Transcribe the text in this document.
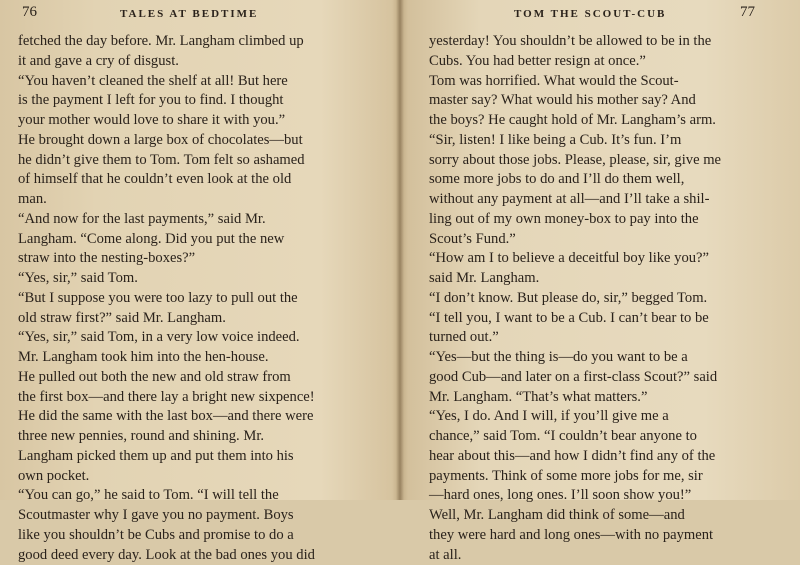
76	TALES AT BEDTIME
fetched the day before. Mr. Langham climbed up
it and gave a cry of disgust.
“You haven’t cleaned the shelf at all! But here
is the payment I left for you to find. I thought
your mother would love to share it with you.”
He brought down a large box of chocolates—but
he didn’t give them to Tom. Tom felt so ashamed
of himself that he couldn’t even look at the old
man.
“And now for the last payments,” said Mr.
Langham. “Come along. Did you put the new
straw into the nesting-boxes?”
“Yes, sir,” said Tom.
“But I suppose you were too lazy to pull out the
old straw first?” said Mr. Langham.
“Yes, sir,” said Tom, in a very low voice indeed.
Mr. Langham took him into the hen-house.
He pulled out both the new and old straw from
the first box—and there lay a bright new sixpence!
He did the same with the last box—and there were
three new pennies, round and shining. Mr.
Langham picked them up and put them into his
own pocket.
“You can go,” he said to Tom. “I will tell the
Scoutmaster why I gave you no payment. Boys
like you shouldn’t be Cubs and promise to do a
good deed every day. Look at the bad ones you did
TOM THE SCOUT-CUB	77
yesterday! You shouldn’t be allowed to be in the
Cubs. You had better resign at once.”
Tom was horrified. What would the Scout-
master say? What would his mother say? And
the boys? He caught hold of Mr. Langham’s arm.
“Sir, listen! I like being a Cub. It’s fun. I’m
sorry about those jobs. Please, please, sir, give me
some more jobs to do and I’ll do them well,
without any payment at all—and I’ll take a shil-
ling out of my own money-box to pay into the
Scout’s Fund.”
“How am I to believe a deceitful boy like you?”
said Mr. Langham.
“I don’t know. But please do, sir,” begged Tom.
“I tell you, I want to be a Cub. I can’t bear to be
turned out.”
“Yes—but the thing is—do you want to be a
good Cub—and later on a first-class Scout?” said
Mr. Langham. “That’s what matters.”
“Yes, I do. And I will, if you’ll give me a
chance,” said Tom. “I couldn’t bear anyone to
hear about this—and how I didn’t find any of the
payments. Think of some more jobs for me, sir
—hard ones, long ones. I’ll soon show you!”
Well, Mr. Langham did think of some—and
they were hard and long ones—with no payment
at all.
